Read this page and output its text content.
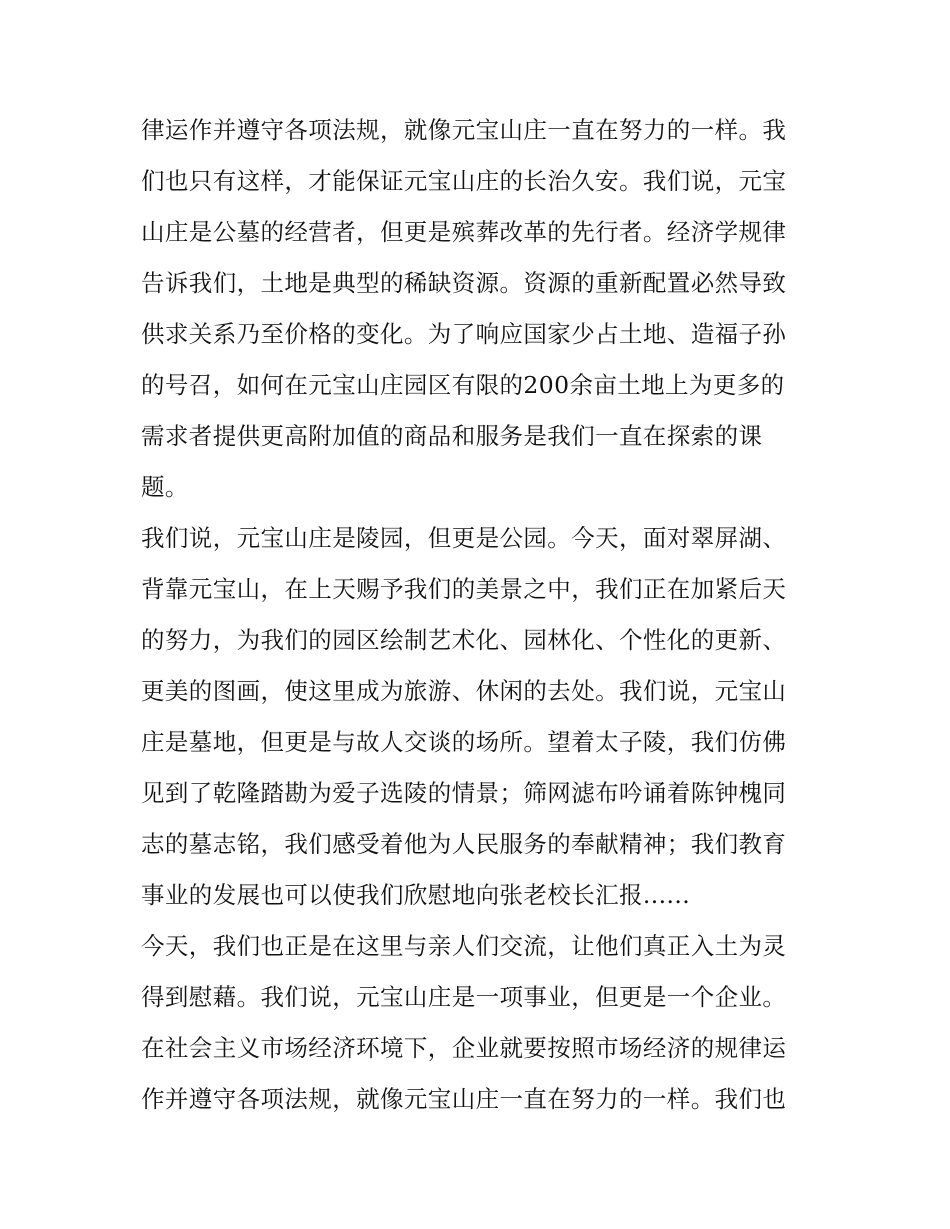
律运作并遵守各项法规，就像元宝山庄一直在努力的一样。我
们也只有这样，才能保证元宝山庄的长治久安。我们说，元宝
山庄是公墓的经营者，但更是殡葬改革的先行者。经济学规律
告诉我们，土地是典型的稀缺资源。资源的重新配置必然导致
供求关系乃至价格的变化。为了响应国家少占土地、造福子孙
的号召，如何在元宝山庄园区有限的200余亩土地上为更多的
需求者提供更高附加值的商品和服务是我们一直在探索的课
题。
我们说，元宝山庄是陵园，但更是公园。今天，面对翠屏湖、
背靠元宝山，在上天赐予我们的美景之中，我们正在加紧后天
的努力，为我们的园区绘制艺术化、园林化、个性化的更新、
更美的图画，使这里成为旅游、休闲的去处。我们说，元宝山
庄是墓地，但更是与故人交谈的场所。望着太子陵，我们仿佛
见到了乾隆踏勘为爱子选陵的情景；筛网滤布吟诵着陈钟槐同
志的墓志铭，我们感受着他为人民服务的奉献精神；我们教育
事业的发展也可以使我们欣慰地向张老校长汇报......
今天，我们也正是在这里与亲人们交流，让他们真正入土为灵
得到慰藉。我们说，元宝山庄是一项事业，但更是一个企业。
在社会主义市场经济环境下，企业就要按照市场经济的规律运
作并遵守各项法规，就像元宝山庄一直在努力的一样。我们也
